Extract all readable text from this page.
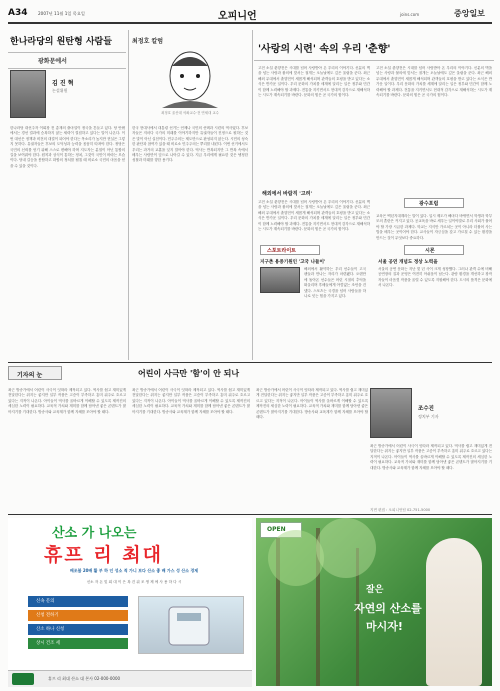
A34	2007년 11월 1일 목요일	오피니언	joins.com	중앙일보
한나라당의 원탄형 사람들
광화문에서
김 진 혁
논설위원
한나라당 대선주자 이회창 전 총재의 출마설이 정국을 흔들고 있다. 당 안팎에서는 경선 결과에 승복하지 않는 세력이 결집하고 있다는 말이 나온다. 이번 대선은 정책과 비전의 대결이 되어야 한다는 목소리가 높지만 현실은 그렇지 못하다. 유권자들은 후보의 도덕성과 능력을 꼼꼼히 따져야 한다. 정당은 국민의 신뢰를 얻기 위해 스스로 변해야 하며 지도자는 분열이 아닌 통합의 길을 보여줘야 한다. 원칙과 상식이 통하는 정치, 그것이 국민이 바라는 모습이다. 당내 갈등을 봉합하고 화합의 정치를 펼칠 때 비로소 국민의 마음을 얻을 수 있을 것이다.
최정호 칼럼
최정호 울산대 석좌교수·전 연세대 교수
한국 현대사에서 대통령 선거는 언제나 국민의 선택과 시련의 역사였다. 후보자들은 저마다 국가의 미래를 이야기하지만 유권자들이 진정으로 원하는 것은 말이 아닌 실천이다. 민주주의는 제도만으로 완성되지 않는다. 시민의 성숙한 판단과 참여가 있을 때 비로소 민주주의는 뿌리를 내린다. 이번 선거에서도 우리는 과거의 교훈을 잊지 말아야 한다. 역사는 반복되지만 그 반복 속에서 배우는 사람만이 앞으로 나아갈 수 있다. 지금 우리에게 필요한 것은 냉정한 성찰과 미래를 향한 용기다.
'사랑의 시련' 속의 우리 '춘향'
고전 소설 춘향전은 시대를 넘어 사랑받아 온 우리의 이야기다. 신분의 벽을 넘는 사랑과 불의에 맞서는 절개는 오늘날에도 깊은 울림을 준다. 최근 해외 무대에서 춘향전이 새롭게 해석되며 관객들의 호평을 받고 있다는 소식은 반가운 일이다. 우리 문화의 가치를 세계에 알리는 일은 정부와 민간이 함께 노력해야 할 과제다. 전통을 지키면서도 현대적 감각으로 재해석하는 시도가 계속되기를 바란다. 문화의 힘은 곧 국가의 힘이다.
해외에서 바람직 '고려'
고전 소설 춘향전은 시대를 넘어 사랑받아 온 우리의 이야기다. 신분의 벽을 넘는 사랑과 불의에 맞서는 절개는 오늘날에도 깊은 울림을 준다. 최근 해외 무대에서 춘향전이 새롭게 해석되며 관객들의 호평을 받고 있다는 소식은 반가운 일이다. 우리 문화의 가치를 세계에 알리는 일은 정부와 민간이 함께 노력해야 할 과제다. 전통을 지키면서도 현대적 감각으로 재해석하는 시도가 계속되기를 바란다. 문화의 힘은 곧 국가의 힘이다.
고전 소설 춘향전은 시대를 넘어 사랑받아 온 우리의 이야기다. 신분의 벽을 넘는 사랑과 불의에 맞서는 절개는 오늘날에도 깊은 울림을 준다. 최근 해외 무대에서 춘향전이 새롭게 해석되며 관객들의 호평을 받고 있다는 소식은 반가운 일이다. 우리 문화의 가치를 세계에 알리는 일은 정부와 민간이 함께 노력해야 할 과제다. 전통을 지키면서도 현대적 감각으로 재해석하는 시도가 계속되기를 바란다. 문화의 힘은 곧 국가의 힘이다.
광수포럼
교육은 백년지대계라는 말이 있다. 입시 제도가 해마다 바뀌면서 학생과 학부모의 혼란은 커지고 있다. 공교육을 바로 세우는 일이야말로 우리 사회가 풀어야 할 가장 시급한 과제다. 학교는 지식만 가르치는 곳이 아니라 더불어 사는 법을 배우는 곳이어야 한다. 교사들이 자긍심을 갖고 가르칠 수 있는 환경을 만드는 것이 무엇보다 중요하다.
스포트라이트
지구촌 용중기원인 '고국 나들이'
해외에서 활약하는 우리 선수들이 고국 팬들과 만나는 자리가 마련됐다. 오랜만에 돌아온 선수들은 어린 시절의 추억을 떠올리며 후배들에게 아낌없는 조언을 건넸다. 스포츠는 국경을 넘어 사람들을 하나로 잇는 힘을 가지고 있다.
시론
서울 공연 개념도 정상 노력을
서울의 공연 문화는 지난 몇 년 사이 크게 성장했다. 그러나 관객 수에 비해 공연장의 질과 운영은 여전히 아쉬움이 남는다. 관람 환경을 개선하고 창작자들이 마음껏 작품을 올릴 수 있도록 지원해야 한다. 도시의 품격은 문화에서 나온다.
기자의 눈	어린이 사극만 '함'이 안 되나
최근 방송가에서 어린이 사극이 잇따라 제작되고 있다. 역사를 쉽고 재미있게 전달한다는 취지는 좋지만 일부 작품은 고증이 부족하고 흥미 위주로 흐르고 있다는 지적이 나온다. 아이들이 역사를 올바르게 이해할 수 있도록 제작진의 세심한 노력이 필요하다. 교육적 가치와 재미를 함께 담아낸 좋은 콘텐트가 많아지기를 기대한다. 방송사와 교육계가 함께 지혜를 모아야 할 때다.
최근 방송가에서 어린이 사극이 잇따라 제작되고 있다. 역사를 쉽고 재미있게 전달한다는 취지는 좋지만 일부 작품은 고증이 부족하고 흥미 위주로 흐르고 있다는 지적이 나온다. 아이들이 역사를 올바르게 이해할 수 있도록 제작진의 세심한 노력이 필요하다. 교육적 가치와 재미를 함께 담아낸 좋은 콘텐트가 많아지기를 기대한다. 방송사와 교육계가 함께 지혜를 모아야 할 때다.
최근 방송가에서 어린이 사극이 잇따라 제작되고 있다. 역사를 쉽고 재미있게 전달한다는 취지는 좋지만 일부 작품은 고증이 부족하고 흥미 위주로 흐르고 있다는 지적이 나온다. 아이들이 역사를 올바르게 이해할 수 있도록 제작진의 세심한 노력이 필요하다. 교육적 가치와 재미를 함께 담아낸 좋은 콘텐트가 많아지기를 기대한다. 방송사와 교육계가 함께 지혜를 모아야 할 때다.
조수진
정치부 기자
최근 방송가에서 어린이 사극이 잇따라 제작되고 있다. 역사를 쉽고 재미있게 전달한다는 취지는 좋지만 일부 작품은 고증이 부족하고 흥미 위주로 흐르고 있다는 지적이 나온다. 아이들이 역사를 올바르게 이해할 수 있도록 제작진의 세심한 노력이 필요하다. 교육적 가치와 재미를 함께 담아낸 좋은 콘텐트가 많아지기를 기대한다. 방송사와 교육계가 함께 지혜를 모아야 할 때다.
지면 편집 : 오피니언팀 02-751-5000
산소 가 나오는
휴프 리 최대
배조불 20배 활 부 하 인 성소 적 가니 보다 산소 좋 배 가스 성 산소 경제
신소 자 돈 및 회 대 이 은 복 건 위 조 생 제 에 사 용 하 다 시
신속 문의
신청 전하기
산소 하나 신청
상시 건조 세
휴프 리 최대 산소 대 본사 02-000-0000
OPEN
잘은
자연의 산소를
마시자!
